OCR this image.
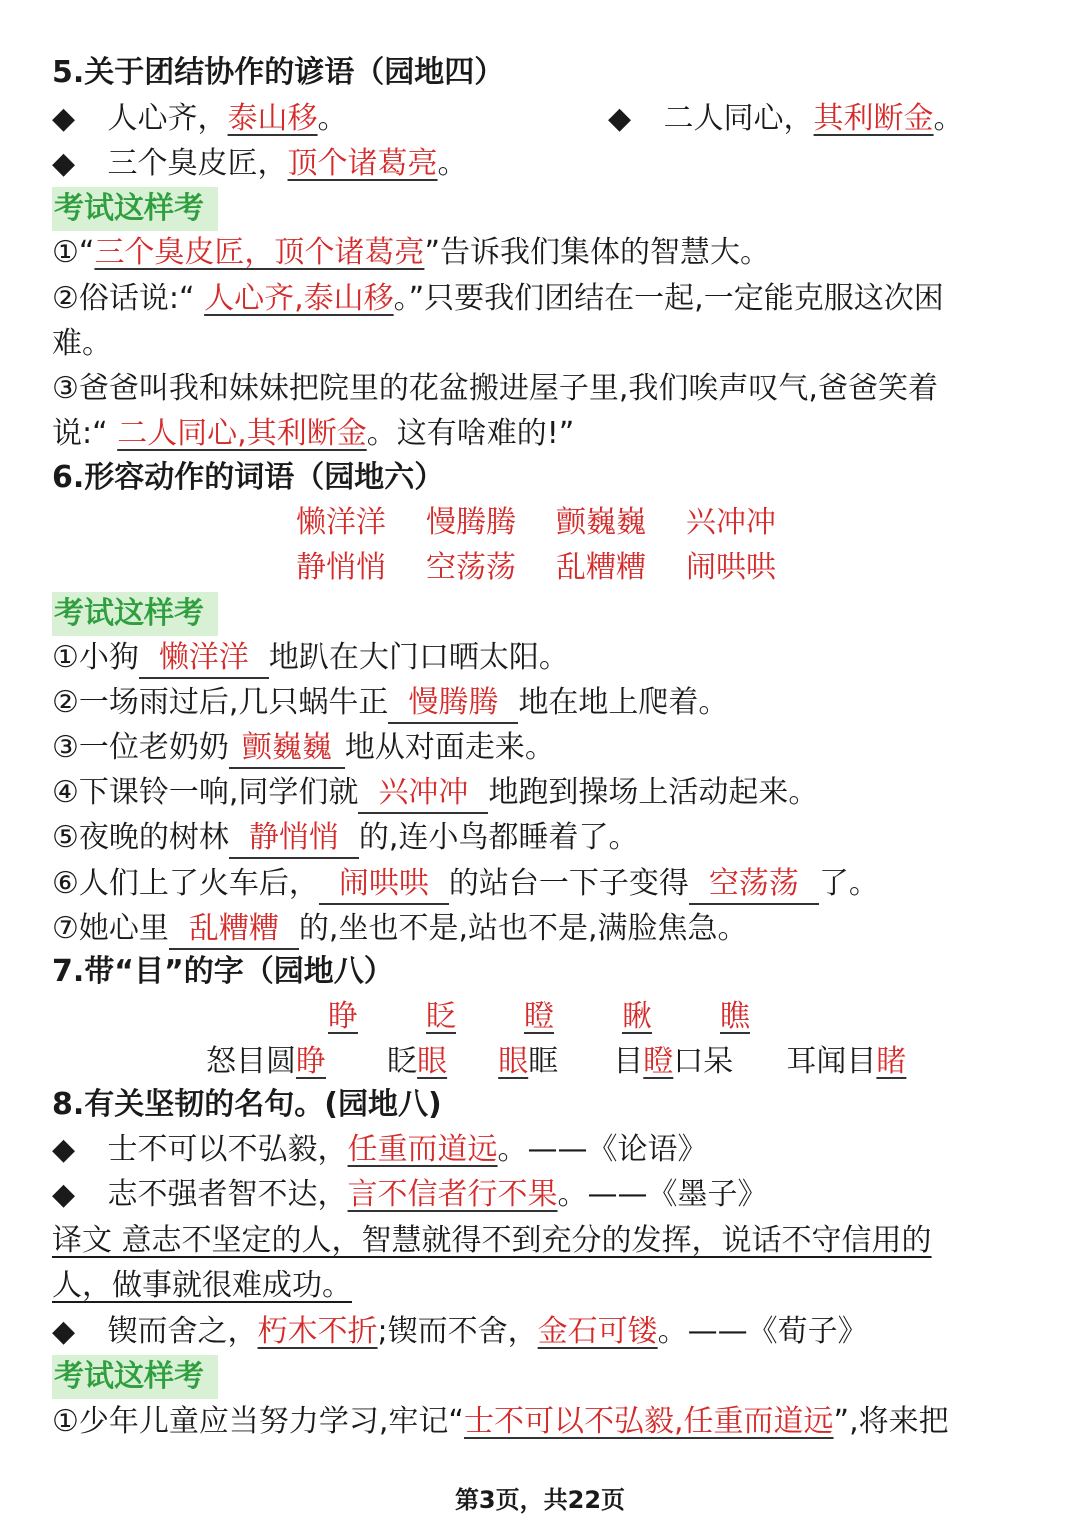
5.关于团结协作的谚语（园地四）
◆ 人心齐，泰山移。	◆ 二人同心，其利断金。
◆ 三个臭皮匠，顶个诸葛亮。
考试这样考
①“三个臭皮匠，顶个诸葛亮”告诉我们集体的智慧大。
②俗话说:“ 人心齐,泰山移。”只要我们团结在一起,一定能克服这次困
难。
③爸爸叫我和妹妹把院里的花盆搬进屋子里,我们唉声叹气,爸爸笑着
说:“ 二人同心,其利断金。这有啥难的!”
6.形容动作的词语（园地六）
懒洋洋 慢腾腾 颤巍巍 兴冲冲
静悄悄 空荡荡 乱糟糟 闹哄哄
考试这样考
①小狗 懒洋洋 地趴在大门口晒太阳。
②一场雨过后,几只蜗牛正 慢腾腾 地在地上爬着。
③一位老奶奶 颤巍巍 地从对面走来。
④下课铃一响,同学们就 兴冲冲 地跑到操场上活动起来。
⑤夜晚的树林 静悄悄 的,连小鸟都睡着了。
⑥人们上了火车后， 闹哄哄 的站台一下子变得 空荡荡 了。
⑦她心里 乱糟糟 的,坐也不是,站也不是,满脸焦急。
7.带“目”的字（园地八）
睁 眨 瞪 瞅 瞧
怒目圆睁 眨眼 眼眶 目瞪口呆 耳闻目睹
8.有关坚韧的名句。(园地八)
◆ 士不可以不弘毅，任重而道远。——《论语》
◆ 志不强者智不达，言不信者行不果。——《墨子》
译文 意志不坚定的人，智慧就得不到充分的发挥，说话不守信用的
人，做事就很难成功。
◆ 锲而舍之，朽木不折;锲而不舍，金石可镂。——《荀子》
考试这样考
①少年儿童应当努力学习,牢记“士不可以不弘毅,任重而道远”,将来把
第3页，共22页
